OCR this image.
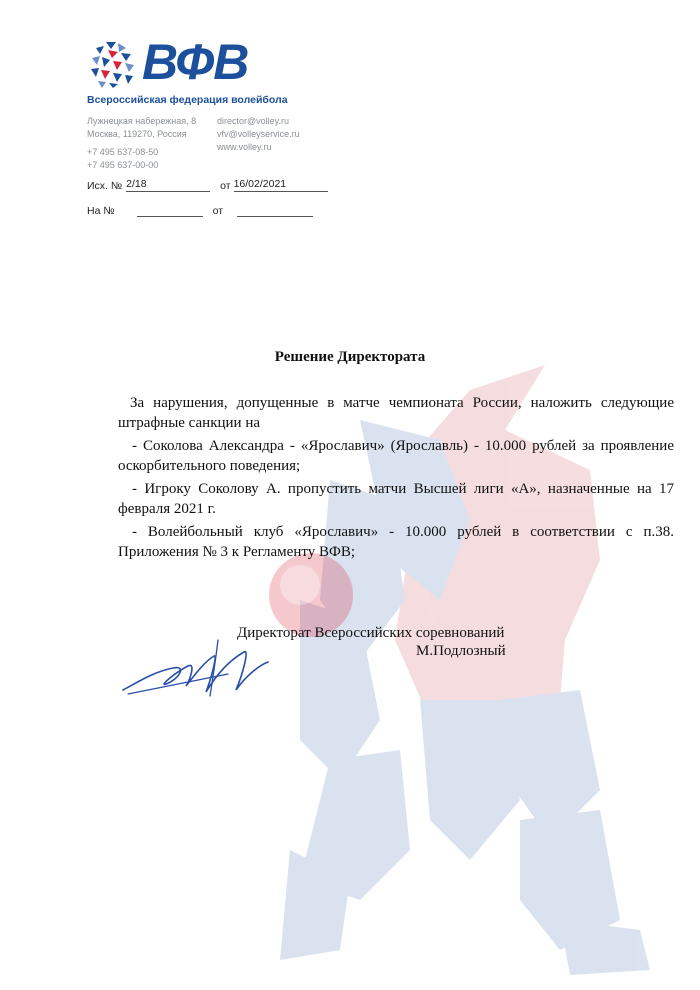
ВФВ
Всероссийская федерация волейбола
Лужнецкая набережная, 8
Москва, 119270, Россия
+7 495 637-08-50
+7 495 637-00-00
director@volley.ru
vfv@volleyservice.ru
www.volley.ru
Исх. № 2/18	от 16/02/2021
На №	от
Решение Директората

За нарушения, допущенные в матче чемпионата России, наложить следующие штрафные санкции на

- Соколова Александра - «Ярославич» (Ярославль) - 10.000 рублей за проявление оскорбительного поведения;

- Игроку Соколову А. пропустить матчи Высшей лиги «А», назначенные на 17 февраля 2021 г.

- Волейбольный клуб «Ярославич» - 10.000 рублей в соответствии с п.38. Приложения № 3 к Регламенту ВФВ;

Директорат Всероссийских соревнований
М.Подлозный
